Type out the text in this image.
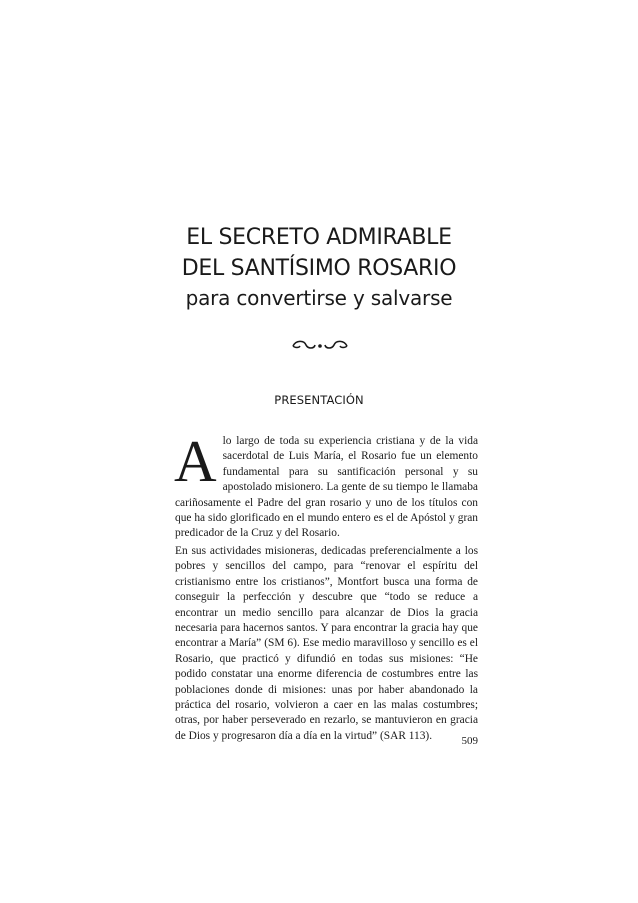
EL SECRETO ADMIRABLE
DEL SANTÍSIMO ROSARIO
para convertirse y salvarse
PRESENTACIÓN
Alo largo de toda su experiencia cristiana y de la vida sacerdotal de Luis María, el Rosario fue un elemento fundamental para su santificación personal y su apostolado misionero. La gente de su tiempo le llamaba cariñosamente el Padre del gran rosario y uno de los títulos con que ha sido glorificado en el mundo entero es el de Apóstol y gran predicador de la Cruz y del Rosario.
En sus actividades misioneras, dedicadas preferencialmente a los pobres y sencillos del campo, para “renovar el espíritu del cristianismo entre los cristianos”, Montfort busca una forma de conseguir la perfección y descubre que “todo se reduce a encontrar un medio sencillo para alcanzar de Dios la gracia necesaria para hacernos santos. Y para encontrar la gracia hay que encontrar a María” (SM 6). Ese medio maravilloso y sencillo es el Rosario, que practicó y difundió en todas sus misiones: “He podido constatar una enorme diferencia de costumbres entre las poblaciones donde di misiones: unas por haber abandonado la práctica del rosario, volvieron a caer en las malas costumbres; otras, por haber perseverado en rezarlo, se mantuvieron en gracia de Dios y progresaron día a día en la virtud” (SAR 113).	509
